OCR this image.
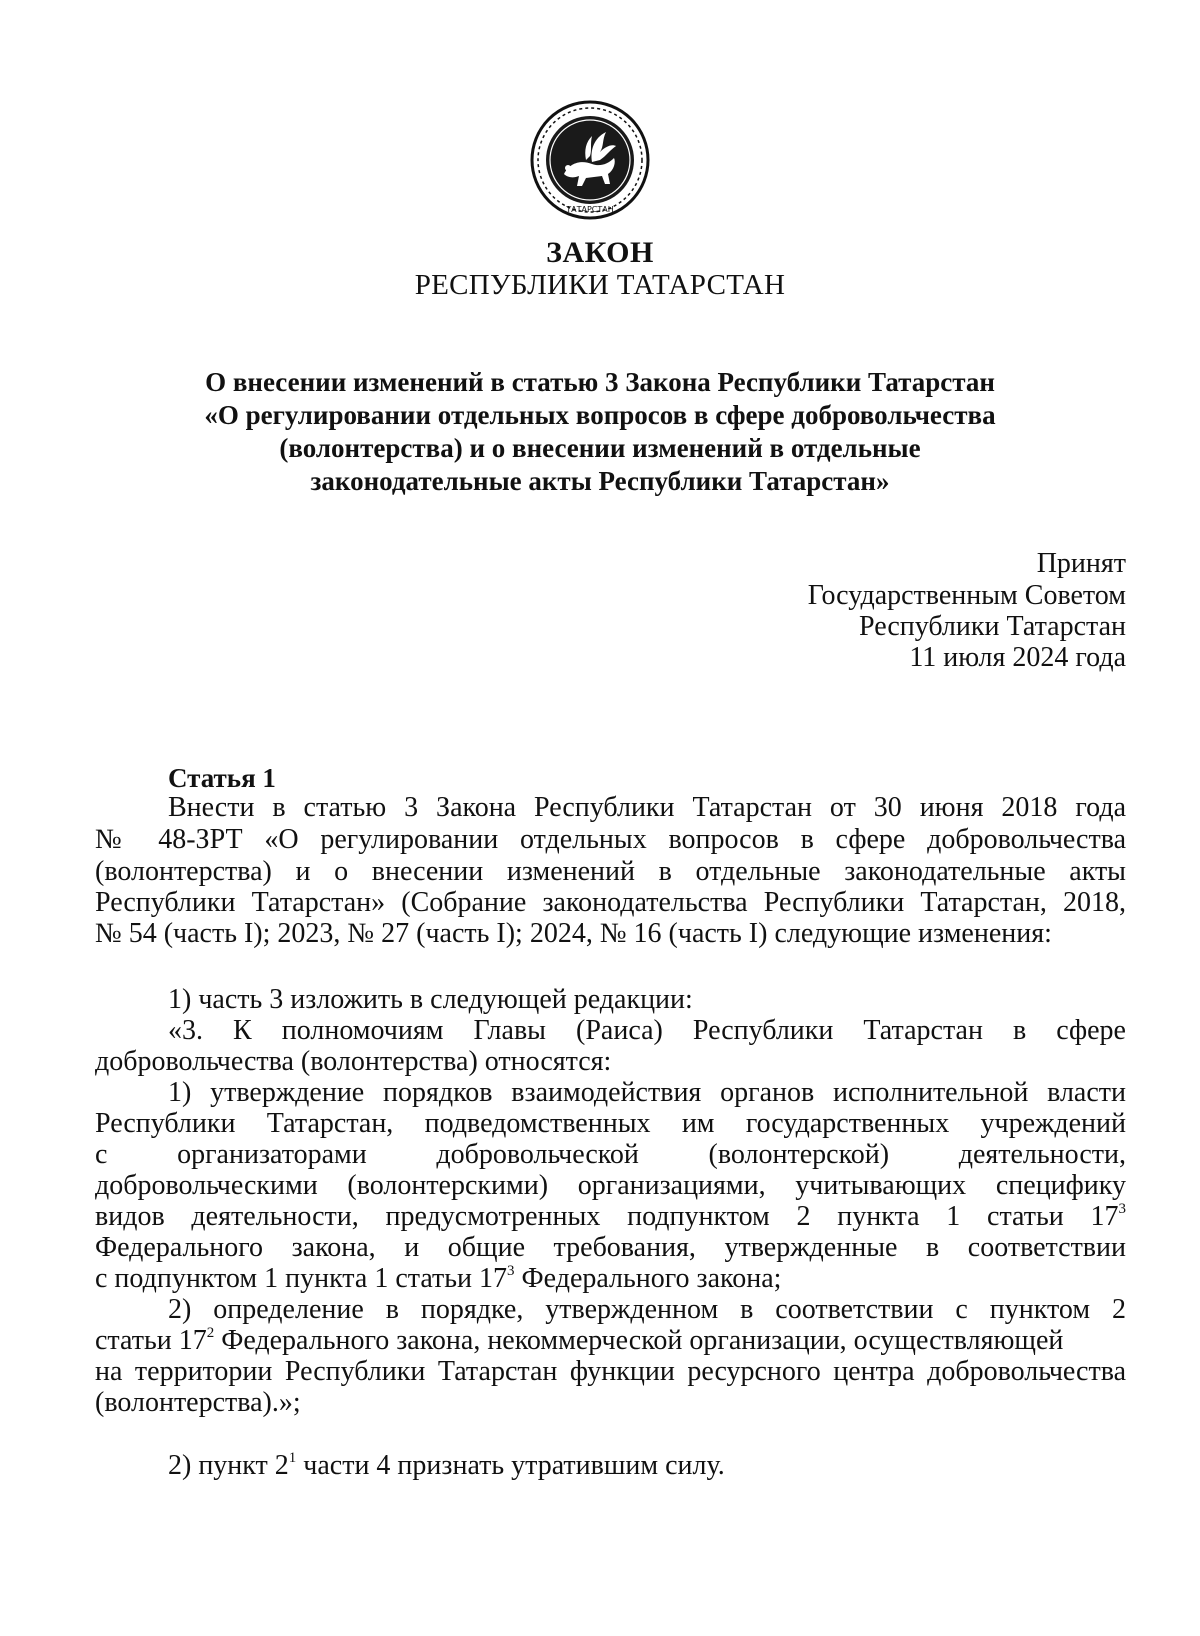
ТАТАРСТАН
ЗАКОН
РЕСПУБЛИКИ ТАТАРСТАН
О внесении изменений в статью 3 Закона Республики Татарстан
«О регулировании отдельных вопросов в сфере добровольчества
(волонтерства) и о внесении изменений в отдельные
законодательные акты Республики Татарстан»
Принят
Государственным Советом
Республики Татарстан
11 июля 2024 года
Статья 1
Внести в статью 3 Закона Республики Татарстан от 30 июня 2018 года
№ 48-ЗРТ «О регулировании отдельных вопросов в сфере добровольчества
(волонтерства) и о внесении изменений в отдельные законодательные акты
Республики Татарстан» (Собрание законодательства Республики Татарстан, 2018,
№ 54 (часть I); 2023, № 27 (часть I); 2024, № 16 (часть I) следующие изменения:
1) часть 3 изложить в следующей редакции:
«3. К полномочиям Главы (Раиса) Республики Татарстан в сфере
добровольчества (волонтерства) относятся:
1) утверждение порядков взаимодействия органов исполнительной власти
Республики Татарстан, подведомственных им государственных учреждений
с организаторами добровольческой (волонтерской) деятельности,
добровольческими (волонтерскими) организациями, учитывающих специфику
видов деятельности, предусмотренных подпунктом 2 пункта 1 статьи $17^3$
Федерального закона, и общие требования, утвержденные в соответствии
с подпунктом 1 пункта 1 статьи $17^3$ Федерального закона;
2) определение в порядке, утвержденном в соответствии с пунктом 2
статьи $17^2$ Федерального закона, некоммерческой организации, осуществляющей
на территории Республики Татарстан функции ресурсного центра добровольчества
(волонтерства).»;
2) пункт $2^1$ части 4 признать утратившим силу.
